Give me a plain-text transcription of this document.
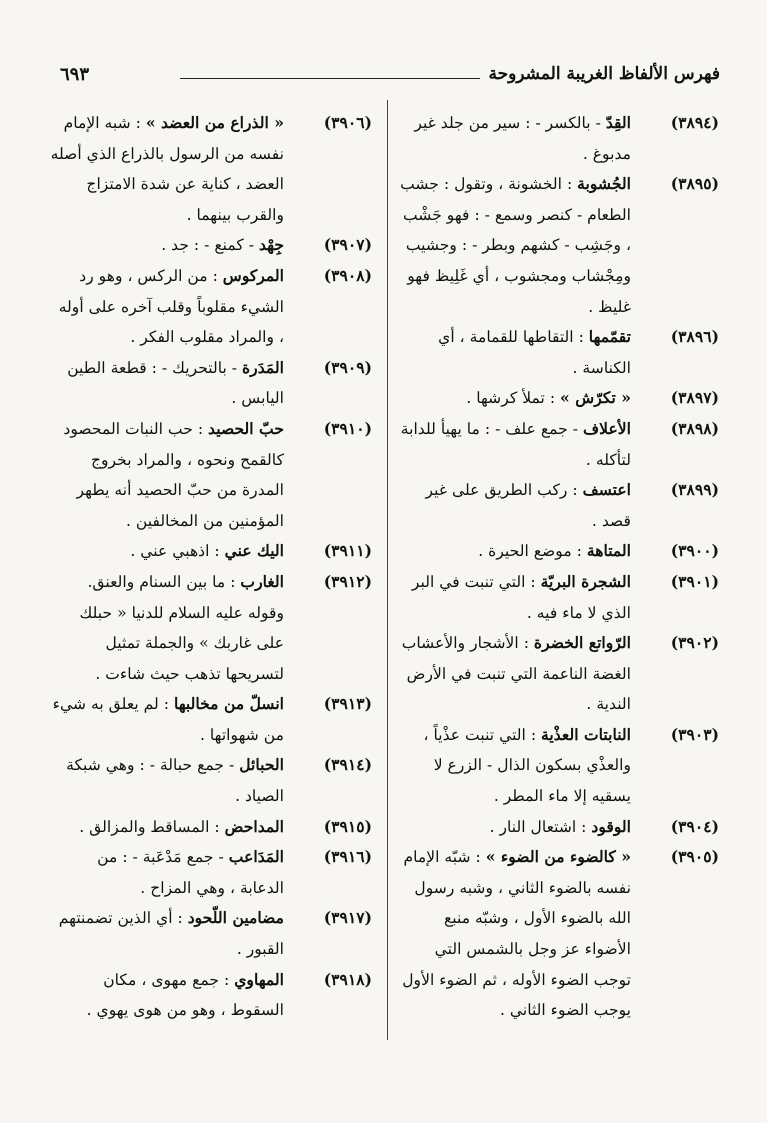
فهرس الألفاظ الغريبة المشروحة
٦٩٣
(٣٨٩٤)
القِدّ - بالكسر - : سير من جلد غير مدبوغ .
(٣٨٩٥)
الجُشوبة : الخشونة ، وتقول : جشب الطعام - كنصر وسمع - : فهو جَشْب ، وجَشِب - كشهم وبطر - : وجشيب ومِجْشاب ومجشوب ، أي غَلِيظ فهو غليظ .
(٣٨٩٦)
تقمّمها : التقاطها للقمامة ، أي الكناسة .
(٣٨٩٧)
« تكرّش » : تملأ كرشها .
(٣٨٩٨)
الأعلاف - جمع علف - : ما يهيأ للدابة لتأكله .
(٣٨٩٩)
اعتسف : ركب الطريق على غير قصد .
(٣٩٠٠)
المتاهة : موضع الحيرة .
(٣٩٠١)
الشجرة البريّة : التي تنبت في البر الذي لا ماء فيه .
(٣٩٠٢)
الرّواتع الخضرة : الأشجار والأعشاب الغضة الناعمة التي تنبت في الأرض الندية .
(٣٩٠٣)
النابتات العذْية : التي تنبت عذْياً ، والعذْي بسكون الذال - الزرع لا يسقيه إلا ماء المطر .
(٣٩٠٤)
الوقود : اشتعال النار .
(٣٩٠٥)
« كالضوء من الضوء » : شبّه الإمام نفسه بالضوء الثاني ، وشبه رسول الله بالضوء الأول ، وشبّه منبع الأضواء عز وجل بالشمس التي توجب الضوء الأوله ، ثم الضوء الأول يوجب الضوء الثاني .
(٣٩٠٦)
« الذراع من العضد » : شبه الإمام نفسه من الرسول بالذراع الذي أصله العضد ، كناية عن شدة الامتزاج والقرب بينهما .
(٣٩٠٧)
جِهْد - كمنع - : جد .
(٣٩٠٨)
المركوس : من الركس ، وهو رد الشيء مقلوباً وقلب آخره على أوله ، والمراد مقلوب الفكر .
(٣٩٠٩)
المَدَرة - بالتحريك - : قطعة الطين اليابس .
(٣٩١٠)
حبّ الحصيد : حب النبات المحصود كالقمح ونحوه ، والمراد بخروج المدرة من حبّ الحصيد أنه يطهر المؤمنين من المخالفين .
(٣٩١١)
اليك عني : اذهبي عني .
(٣٩١٢)
الغارب : ما بين السنام والعنق. وقوله عليه السلام للدنيا « حبلك على غاربك » والجملة تمثيل لتسريحها تذهب حيث شاءت .
(٣٩١٣)
انسلّ من مخالبها : لم يعلق به شيء من شهواتها .
(٣٩١٤)
الحبائل - جمع حبالة - : وهي شبكة الصياد .
(٣٩١٥)
المداحض : المساقط والمزالق .
(٣٩١٦)
المَدَاعب - جمع مَدْعَبة - : من الدعابة ، وهي المزاح .
(٣٩١٧)
مضامين اللّحود : أي الذين تضمنتهم القبور .
(٣٩١٨)
المهاوي : جمع مهوى ، مكان السقوط ، وهو من هوى يهوي .
